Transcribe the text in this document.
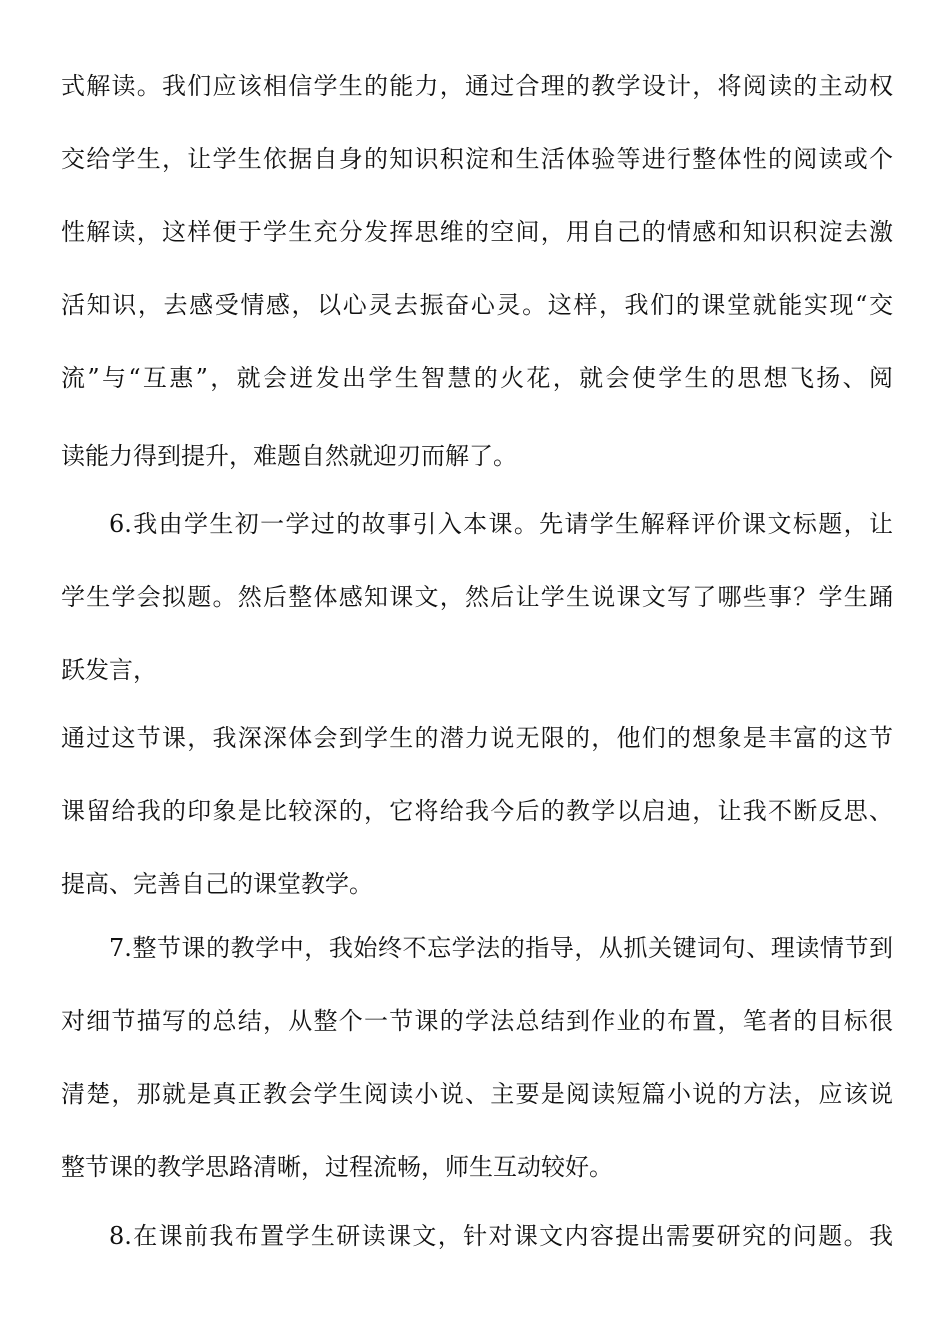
式解读。我们应该相信学生的能力，通过合理的教学设计，将阅读的主动权

交给学生，让学生依据自身的知识积淀和生活体验等进行整体性的阅读或个

性解读，这样便于学生充分发挥思维的空间，用自己的情感和知识积淀去激

活知识，去感受情感，以心灵去振奋心灵。这样，我们的课堂就能实现“交

流”与“互惠”，就会迸发出学生智慧的火花，就会使学生的思想飞扬、阅

读能力得到提升，难题自然就迎刃而解了。

6.我由学生初一学过的故事引入本课。先请学生解释评价课文标题，让

学生学会拟题。然后整体感知课文，然后让学生说课文写了哪些事？学生踊

跃发言，

通过这节课，我深深体会到学生的潜力说无限的，他们的想象是丰富的这节

课留给我的印象是比较深的，它将给我今后的教学以启迪，让我不断反思、

提高、完善自己的课堂教学。

7.整节课的教学中，我始终不忘学法的指导，从抓关键词句、理读情节到

对细节描写的总结，从整个一节课的学法总结到作业的布置，笔者的目标很

清楚，那就是真正教会学生阅读小说、主要是阅读短篇小说的方法，应该说

整节课的教学思路清晰，过程流畅，师生互动较好。

8.在课前我布置学生研读课文，针对课文内容提出需要研究的问题。我
